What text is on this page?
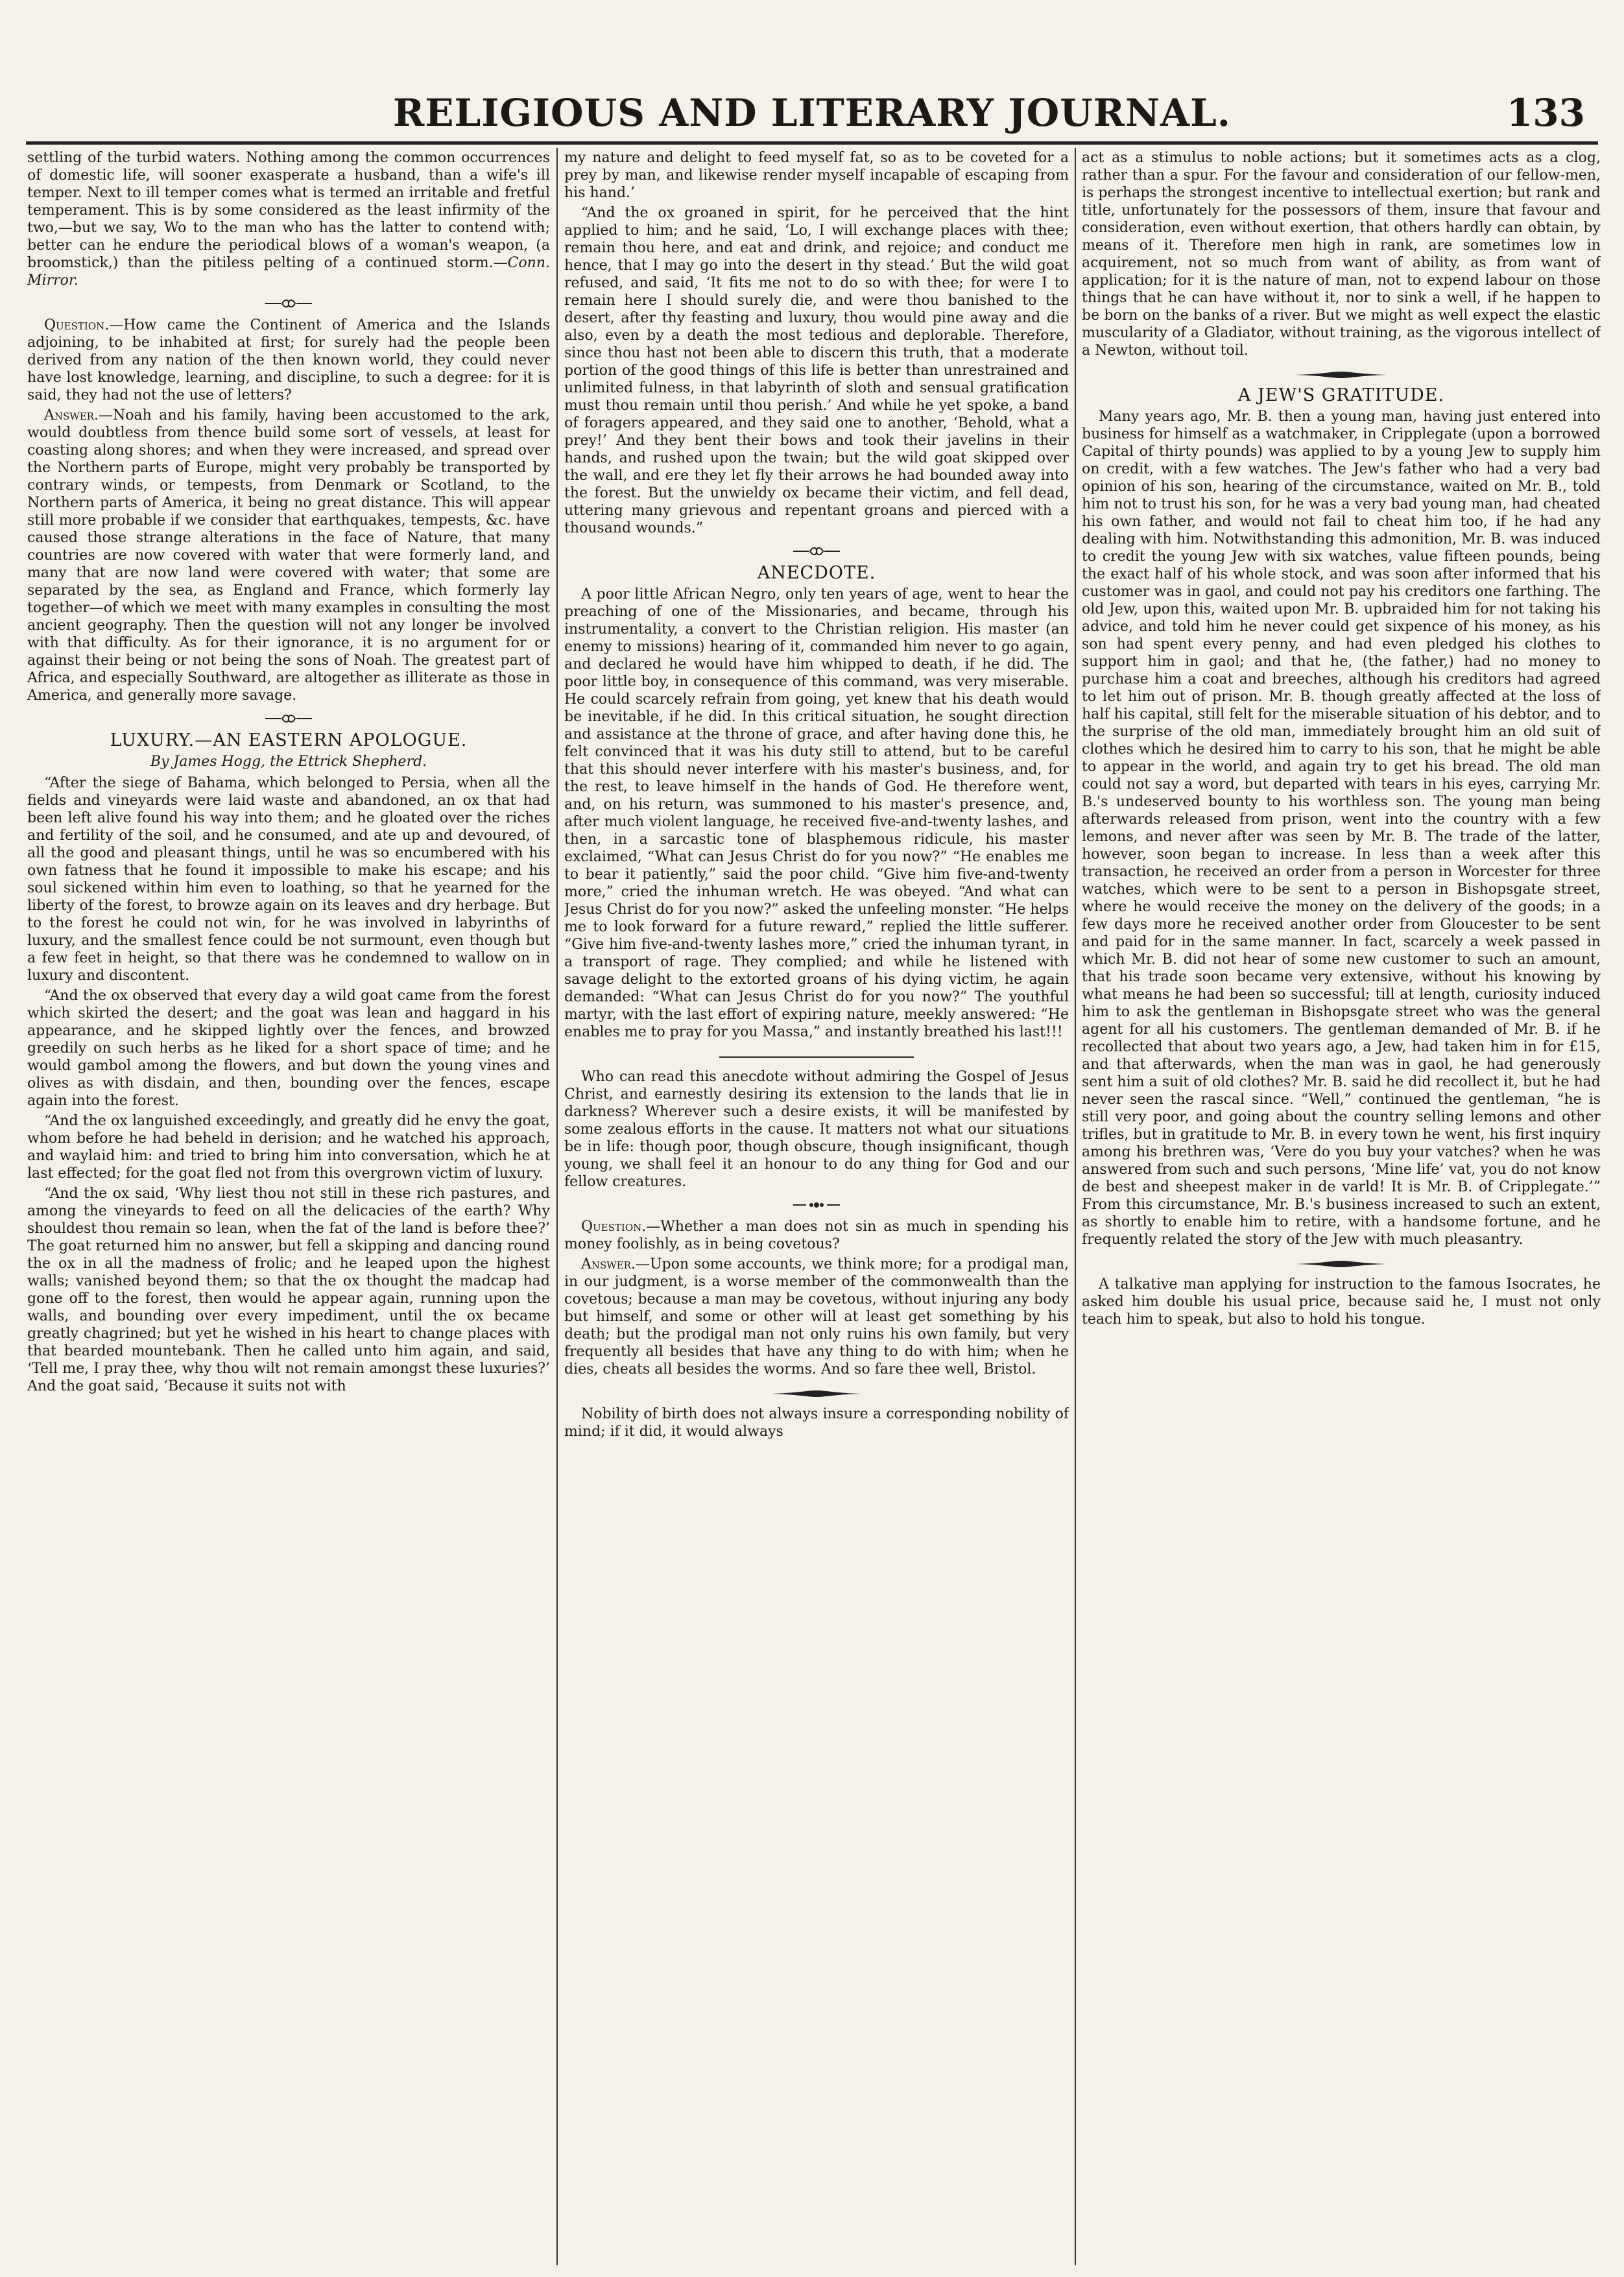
RELIGIOUS AND LITERARY JOURNAL.	133

settling of the turbid waters. Nothing among the common occurrences of domestic life, will sooner exasperate a husband, than a wife's ill temper. Next to ill temper comes what is termed an irritable and fretful temperament. This is by some considered as the least infirmity of the two,—but we say, Wo to the man who has the latter to contend with; better can he endure the periodical blows of a woman's weapon, (a broomstick,) than the pitiless pelting of a continued storm.—Conn. Mirror.

Question.—How came the Continent of America and the Islands adjoining, to be inhabited at first; for surely had the people been derived from any nation of the then known world, they could never have lost knowledge, learning, and discipline, to such a degree: for it is said, they had not the use of letters?

Answer.—Noah and his family, having been accustomed to the ark, would doubtless from thence build some sort of vessels, at least for coasting along shores; and when they were increased, and spread over the Northern parts of Europe, might very probably be transported by contrary winds, or tempests, from Denmark or Scotland, to the Northern parts of America, it being no great distance. This will appear still more probable if we consider that earthquakes, tempests, &c. have caused those strange alterations in the face of Nature, that many countries are now covered with water that were formerly land, and many that are now land were covered with water; that some are separated by the sea, as England and France, which formerly lay together—of which we meet with many examples in consulting the most ancient geography. Then the question will not any longer be involved with that difficulty. As for their ignorance, it is no argument for or against their being or not being the sons of Noah. The greatest part of Africa, and especially Southward, are altogether as illiterate as those in America, and generally more savage.

LUXURY.—AN EASTERN APOLOGUE.
By James Hogg, the Ettrick Shepherd.

“After the siege of Bahama, which belonged to Persia, when all the fields and vineyards were laid waste and abandoned, an ox that had been left alive found his way into them; and he gloated over the riches and fertility of the soil, and he consumed, and ate up and devoured, of all the good and pleasant things, until he was so encumbered with his own fatness that he found it impossible to make his escape; and his soul sickened within him even to loathing, so that he yearned for the liberty of the forest, to browze again on its leaves and dry herbage. But to the forest he could not win, for he was involved in labyrinths of luxury, and the smallest fence could be not surmount, even though but a few feet in height, so that there was he condemned to wallow on in luxury and discontent.

“And the ox observed that every day a wild goat came from the forest which skirted the desert; and the goat was lean and haggard in his appearance, and he skipped lightly over the fences, and browzed greedily on such herbs as he liked for a short space of time; and he would gambol among the flowers, and but down the young vines and olives as with disdain, and then, bounding over the fences, escape again into the forest.

“And the ox languished exceedingly, and greatly did he envy the goat, whom before he had beheld in derision; and he watched his approach, and waylaid him: and tried to bring him into conversation, which he at last effected; for the goat fled not from this overgrown victim of luxury.

“And the ox said, ‘Why liest thou not still in these rich pastures, and among the vineyards to feed on all the delicacies of the earth? Why shouldest thou remain so lean, when the fat of the land is before thee?’ The goat returned him no answer, but fell a skipping and dancing round the ox in all the madness of frolic; and he leaped upon the highest walls; vanished beyond them; so that the ox thought the madcap had gone off to the forest, then would he appear again, running upon the walls, and bounding over every impediment, until the ox became greatly chagrined; but yet he wished in his heart to change places with that bearded mountebank. Then he called unto him again, and said, ‘Tell me, I pray thee, why thou wilt not remain amongst these luxuries?’ And the goat said, ‘Because it suits not with

my nature and delight to feed myself fat, so as to be coveted for a prey by man, and likewise render myself incapable of escaping from his hand.’

“And the ox groaned in spirit, for he perceived that the hint applied to him; and he said, ‘Lo, I will exchange places with thee; remain thou here, and eat and drink, and rejoice; and conduct me hence, that I may go into the desert in thy stead.’ But the wild goat refused, and said, ‘It fits me not to do so with thee; for were I to remain here I should surely die, and were thou banished to the desert, after thy feasting and luxury, thou would pine away and die also, even by a death the most tedious and deplorable. Therefore, since thou hast not been able to discern this truth, that a moderate portion of the good things of this life is better than unrestrained and unlimited fulness, in that labyrinth of sloth and sensual gratification must thou remain until thou perish.’ And while he yet spoke, a band of foragers appeared, and they said one to another, ‘Behold, what a prey!’ And they bent their bows and took their javelins in their hands, and rushed upon the twain; but the wild goat skipped over the wall, and ere they let fly their arrows he had bounded away into the forest. But the unwieldy ox became their victim, and fell dead, uttering many grievous and repentant groans and pierced with a thousand wounds.”

ANECDOTE.

A poor little African Negro, only ten years of age, went to hear the preaching of one of the Missionaries, and became, through his instrumentality, a convert to the Christian religion. His master (an enemy to missions) hearing of it, commanded him never to go again, and declared he would have him whipped to death, if he did. The poor little boy, in consequence of this command, was very miserable. He could scarcely refrain from going, yet knew that his death would be inevitable, if he did. In this critical situation, he sought direction and assistance at the throne of grace, and after having done this, he felt convinced that it was his duty still to attend, but to be careful that this should never interfere with his master's business, and, for the rest, to leave himself in the hands of God. He therefore went, and, on his return, was summoned to his master's presence, and, after much violent language, he received five-and-twenty lashes, and then, in a sarcastic tone of blasphemous ridicule, his master exclaimed, “What can Jesus Christ do for you now?” “He enables me to bear it patiently,” said the poor child. “Give him five-and-twenty more,” cried the inhuman wretch. He was obeyed. “And what can Jesus Christ do for you now?” asked the unfeeling monster. “He helps me to look forward for a future reward,” replied the little sufferer. “Give him five-and-twenty lashes more,” cried the inhuman tyrant, in a transport of rage. They complied; and while he listened with savage delight to the extorted groans of his dying victim, he again demanded: “What can Jesus Christ do for you now?” The youthful martyr, with the last effort of expiring nature, meekly answered: “He enables me to pray for you Massa,” and instantly breathed his last!!!

Who can read this anecdote without admiring the Gospel of Jesus Christ, and earnestly desiring its extension to the lands that lie in darkness? Wherever such a desire exists, it will be manifested by some zealous efforts in the cause. It matters not what our situations be in life: though poor, though obscure, though insignificant, though young, we shall feel it an honour to do any thing for God and our fellow creatures.

Question.—Whether a man does not sin as much in spending his money foolishly, as in being covetous?

Answer.—Upon some accounts, we think more; for a prodigal man, in our judgment, is a worse member of the commonwealth than the covetous; because a man may be covetous, without injuring any body but himself, and some or other will at least get something by his death; but the prodigal man not only ruins his own family, but very frequently all besides that have any thing to do with him; when he dies, cheats all besides the worms. And so fare thee well, Bristol.

Nobility of birth does not always insure a corresponding nobility of mind; if it did, it would always

act as a stimulus to noble actions; but it sometimes acts as a clog, rather than a spur. For the favour and consideration of our fellow-men, is perhaps the strongest incentive to intellectual exertion; but rank and title, unfortunately for the possessors of them, insure that favour and consideration, even without exertion, that others hardly can obtain, by means of it. Therefore men high in rank, are sometimes low in acquirement, not so much from want of ability, as from want of application; for it is the nature of man, not to expend labour on those things that he can have without it, nor to sink a well, if he happen to be born on the banks of a river. But we might as well expect the elastic muscularity of a Gladiator, without training, as the vigorous intellect of a Newton, without toil.

A JEW'S GRATITUDE.

Many years ago, Mr. B. then a young man, having just entered into business for himself as a watchmaker, in Cripplegate (upon a borrowed Capital of thirty pounds) was applied to by a young Jew to supply him on credit, with a few watches. The Jew's father who had a very bad opinion of his son, hearing of the circumstance, waited on Mr. B., told him not to trust his son, for he was a very bad young man, had cheated his own father, and would not fail to cheat him too, if he had any dealing with him. Notwithstanding this admonition, Mr. B. was induced to credit the young Jew with six watches, value fifteen pounds, being the exact half of his whole stock, and was soon after informed that his customer was in gaol, and could not pay his creditors one farthing. The old Jew, upon this, waited upon Mr. B. upbraided him for not taking his advice, and told him he never could get sixpence of his money, as his son had spent every penny, and had even pledged his clothes to support him in gaol; and that he, (the father,) had no money to purchase him a coat and breeches, although his creditors had agreed to let him out of prison. Mr. B. though greatly affected at the loss of half his capital, still felt for the miserable situation of his debtor, and to the surprise of the old man, immediately brought him an old suit of clothes which he desired him to carry to his son, that he might be able to appear in the world, and again try to get his bread. The old man could not say a word, but departed with tears in his eyes, carrying Mr. B.'s undeserved bounty to his worthless son. The young man being afterwards released from prison, went into the country with a few lemons, and never after was seen by Mr. B. The trade of the latter, however, soon began to increase. In less than a week after this transaction, he received an order from a person in Worcester for three watches, which were to be sent to a person in Bishopsgate street, where he would receive the money on the delivery of the goods; in a few days more he received another order from Gloucester to be sent and paid for in the same manner. In fact, scarcely a week passed in which Mr. B. did not hear of some new customer to such an amount, that his trade soon became very extensive, without his knowing by what means he had been so successful; till at length, curiosity induced him to ask the gentleman in Bishopsgate street who was the general agent for all his customers. The gentleman demanded of Mr. B. if he recollected that about two years ago, a Jew, had taken him in for £15, and that afterwards, when the man was in gaol, he had generously sent him a suit of old clothes? Mr. B. said he did recollect it, but he had never seen the rascal since. “Well,” continued the gentleman, “he is still very poor, and going about the country selling lemons and other trifles, but in gratitude to Mr. B. in every town he went, his first inquiry among his brethren was, ‘Vere do you buy your vatches? when he was answered from such and such persons, ‘Mine life’ vat, you do not know de best and sheepest maker in de varld! It is Mr. B. of Cripplegate.’” From this circumstance, Mr. B.'s business increased to such an extent, as shortly to enable him to retire, with a handsome fortune, and he frequently related the story of the Jew with much pleasantry.

A talkative man applying for instruction to the famous Isocrates, he asked him double his usual price, because said he, I must not only teach him to speak, but also to hold his tongue.
